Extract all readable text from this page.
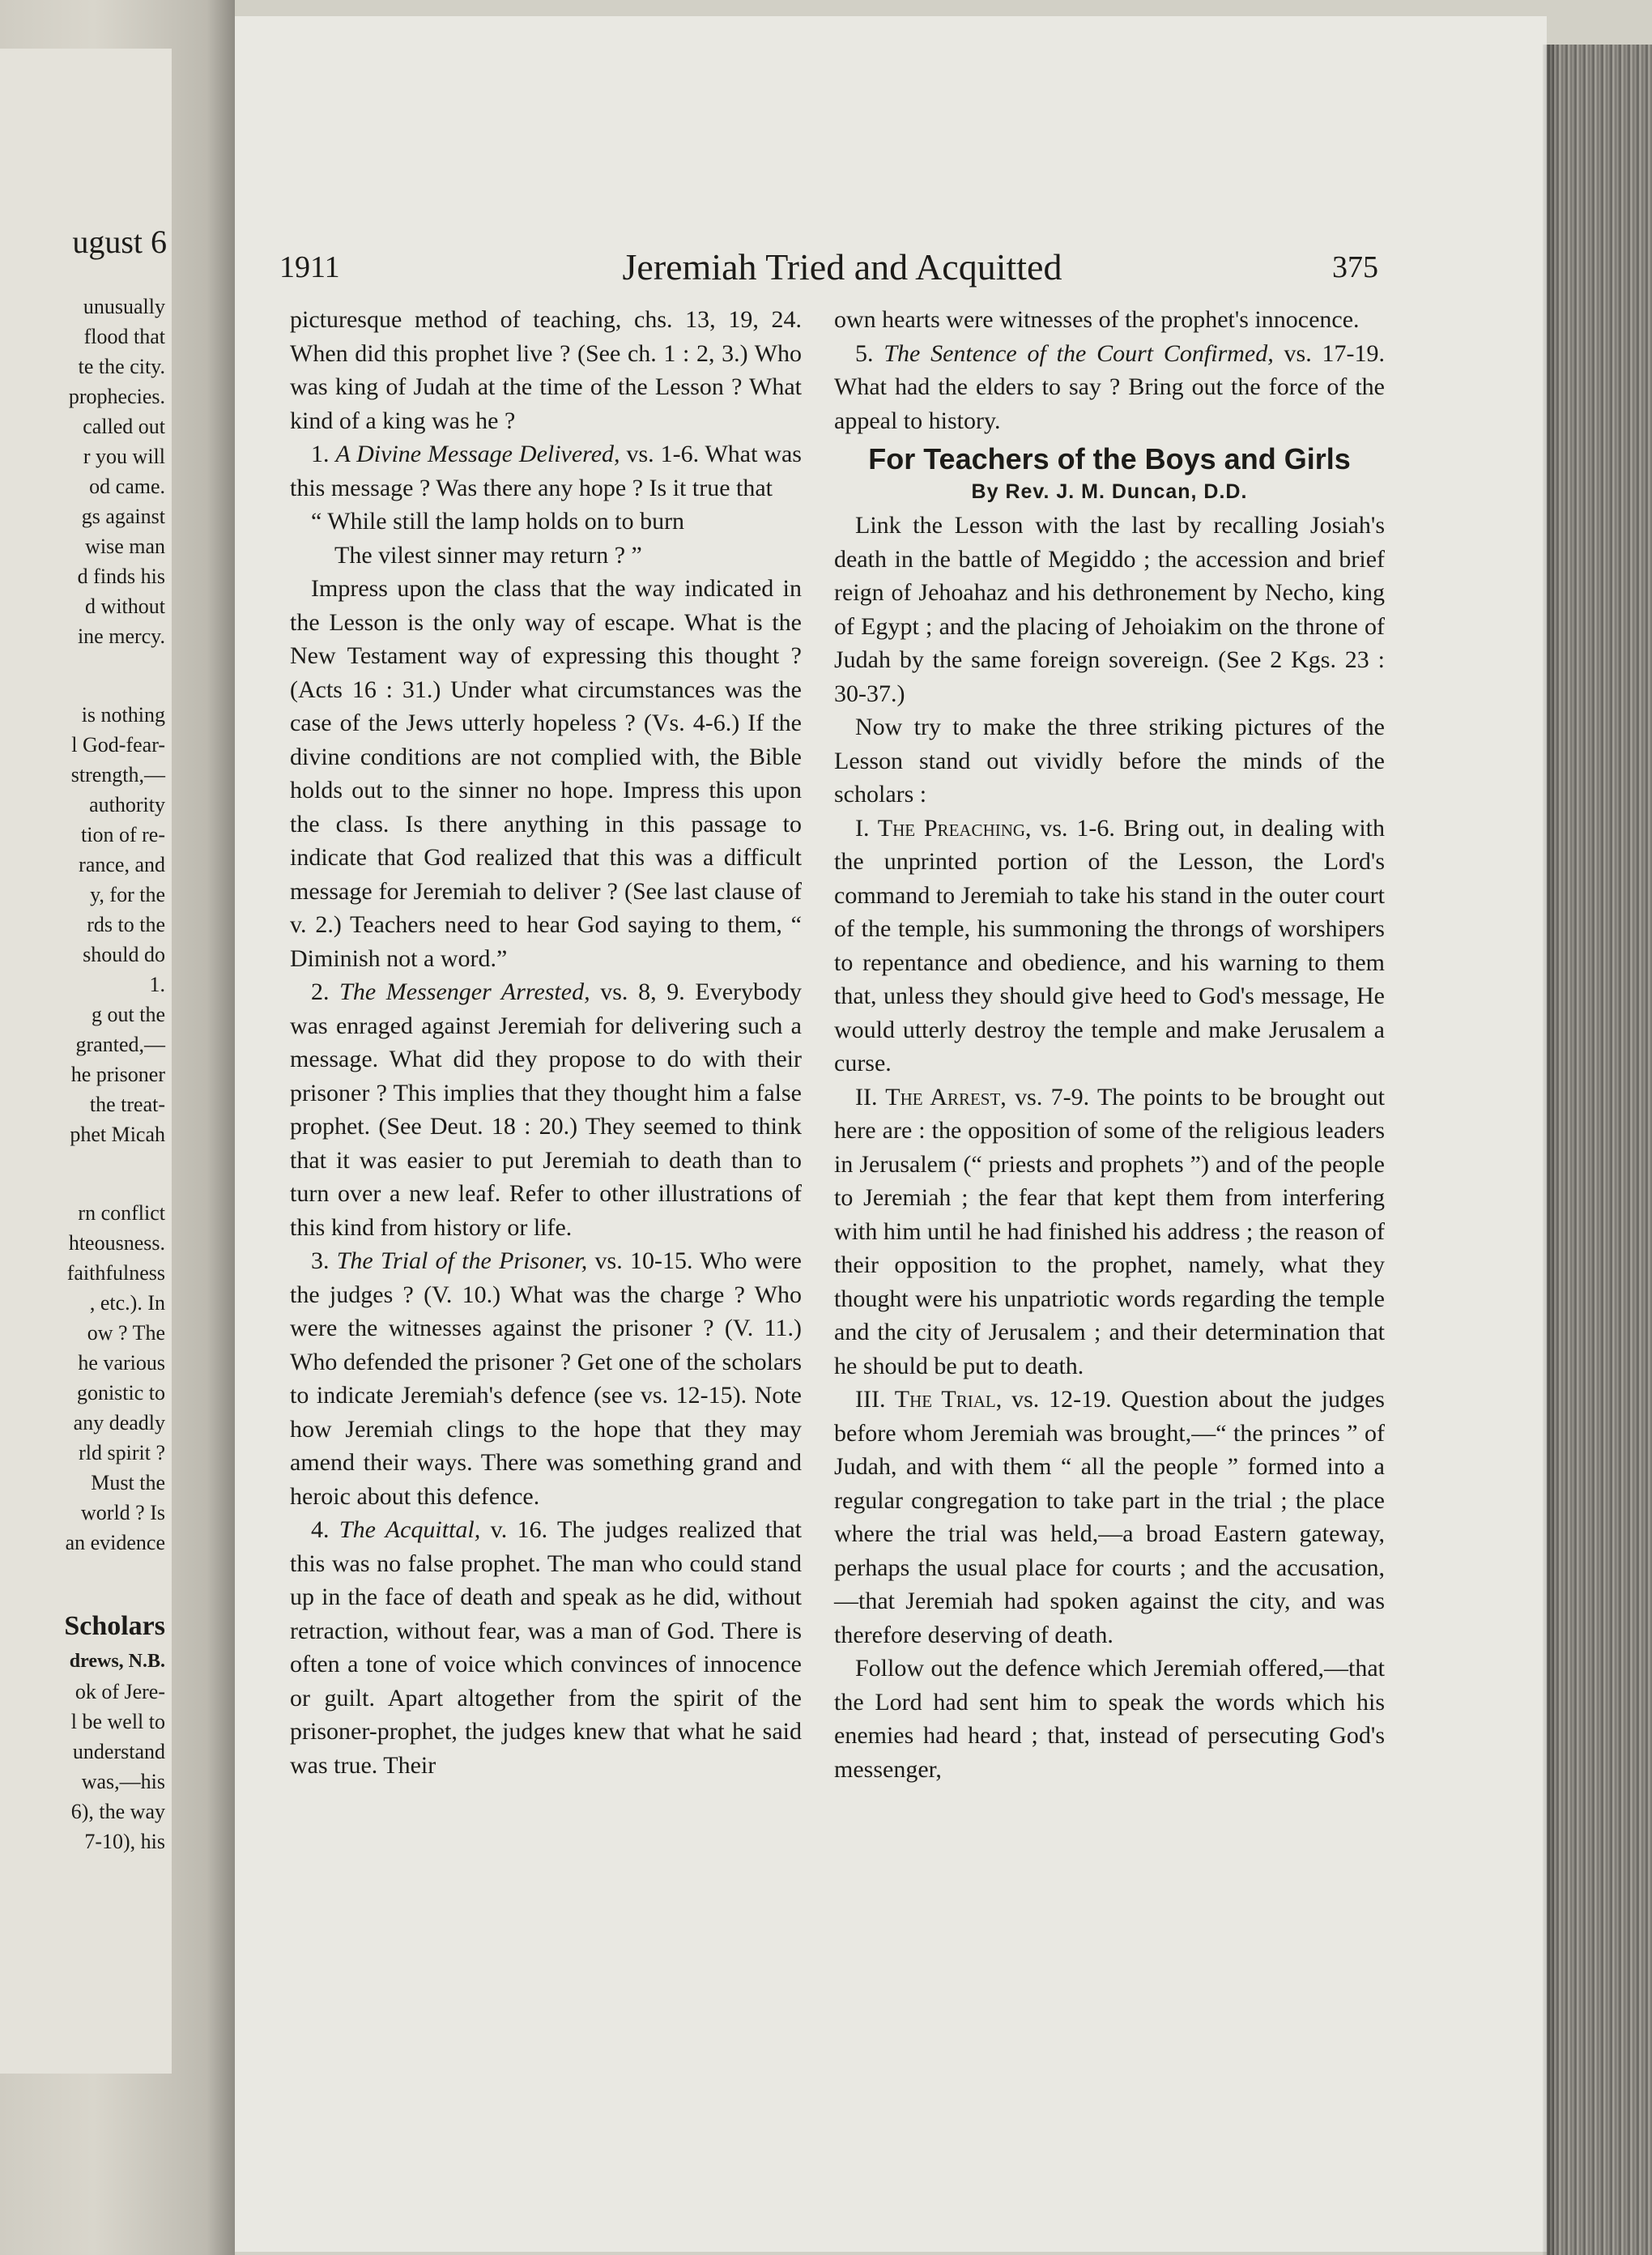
ugust 6
unusually
flood that
te the city.
prophecies.
called out
r you will
od came.
gs against
wise man
d finds his
d without
ine mercy.
is nothing
l God-fear-
strength,—
authority
tion of re-
rance, and
y, for the
rds to the
should do
1.
g out the
granted,—
he prisoner
the treat-
phet Micah
rn conflict
hteousness.
faithfulness
, etc.). In
ow ? The
he various
gonistic to
any deadly
rld spirit ?
Must the
world ? Is
an evidence
Scholars
drews, N.B.
ok of Jere-
l be well to
understand
was,—his
6), the way
7-10), his
1911	Jeremiah Tried and Acquitted	375

picturesque method of teaching, chs. 13, 19, 24. When did this prophet live ? (See ch. 1 : 2, 3.) Who was king of Judah at the time of the Lesson ? What kind of a king was he ?

1. A Divine Message Delivered, vs. 1-6. What was this message ? Was there any hope ? Is it true that

“ While still the lamp holds on to burn

The vilest sinner may return ? ”

Impress upon the class that the way indicated in the Lesson is the only way of escape. What is the New Testament way of expressing this thought ? (Acts 16 : 31.) Under what circumstances was the case of the Jews utterly hopeless ? (Vs. 4-6.) If the divine conditions are not complied with, the Bible holds out to the sinner no hope. Impress this upon the class. Is there anything in this passage to indicate that God realized that this was a difficult message for Jeremiah to deliver ? (See last clause of v. 2.) Teachers need to hear God saying to them, “ Diminish not a word.”

2. The Messenger Arrested, vs. 8, 9. Everybody was enraged against Jeremiah for delivering such a message. What did they propose to do with their prisoner ? This implies that they thought him a false prophet. (See Deut. 18 : 20.) They seemed to think that it was easier to put Jeremiah to death than to turn over a new leaf. Refer to other illustrations of this kind from history or life.

3. The Trial of the Prisoner, vs. 10-15. Who were the judges ? (V. 10.) What was the charge ? Who were the witnesses against the prisoner ? (V. 11.) Who defended the prisoner ? Get one of the scholars to indicate Jeremiah's defence (see vs. 12-15). Note how Jeremiah clings to the hope that they may amend their ways. There was something grand and heroic about this defence.

4. The Acquittal, v. 16. The judges realized that this was no false prophet. The man who could stand up in the face of death and speak as he did, without retraction, without fear, was a man of God. There is often a tone of voice which convinces of innocence or guilt. Apart altogether from the spirit of the prisoner-prophet, the judges knew that what he said was true. Their

own hearts were witnesses of the prophet's innocence.

5. The Sentence of the Court Confirmed, vs. 17-19. What had the elders to say ? Bring out the force of the appeal to history.

For Teachers of the Boys and Girls
By Rev. J. M. Duncan, D.D.

Link the Lesson with the last by recalling Josiah's death in the battle of Megiddo ; the accession and brief reign of Jehoahaz and his dethronement by Necho, king of Egypt ; and the placing of Jehoiakim on the throne of Judah by the same foreign sovereign. (See 2 Kgs. 23 : 30-37.)

Now try to make the three striking pictures of the Lesson stand out vividly before the minds of the scholars :

I. The Preaching, vs. 1-6. Bring out, in dealing with the unprinted portion of the Lesson, the Lord's command to Jeremiah to take his stand in the outer court of the temple, his summoning the throngs of worshipers to repentance and obedience, and his warning to them that, unless they should give heed to God's message, He would utterly destroy the temple and make Jerusalem a curse.

II. The Arrest, vs. 7-9. The points to be brought out here are : the opposition of some of the religious leaders in Jerusalem (“ priests and prophets ”) and of the people to Jeremiah ; the fear that kept them from interfering with him until he had finished his address ; the reason of their opposition to the prophet, namely, what they thought were his unpatriotic words regarding the temple and the city of Jerusalem ; and their determination that he should be put to death.

III. The Trial, vs. 12-19. Question about the judges before whom Jeremiah was brought,—“ the princes ” of Judah, and with them “ all the people ” formed into a regular congregation to take part in the trial ; the place where the trial was held,—a broad Eastern gateway, perhaps the usual place for courts ; and the accusation,—that Jeremiah had spoken against the city, and was therefore deserving of death.

Follow out the defence which Jeremiah offered,—that the Lord had sent him to speak the words which his enemies had heard ; that, instead of persecuting God's messenger,
